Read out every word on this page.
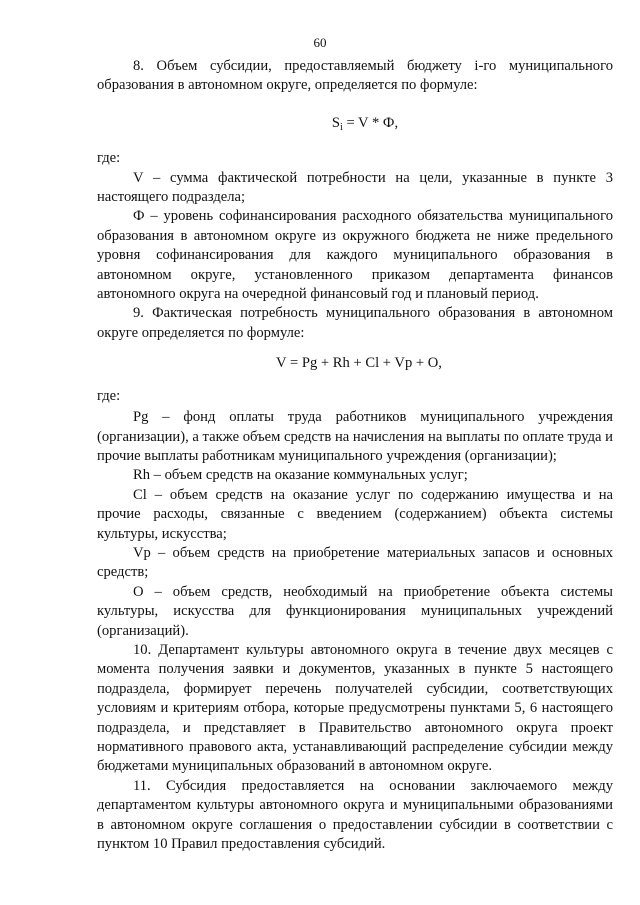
60

8. Объем субсидии, предоставляемый бюджету i-го муниципального образования в автономном округе, определяется по формуле:

$S_i = V * Ф$,

где:

V – сумма фактической потребности на цели, указанные в пункте 3 настоящего подраздела;

Ф – уровень софинансирования расходного обязательства муниципального образования в автономном округе из окружного бюджета не ниже предельного уровня софинансирования для каждого муниципального образования в автономном округе, установленного приказом департамента финансов автономного округа на очередной финансовый год и плановый период.

9. Фактическая потребность муниципального образования в автономном округе определяется по формуле:

V = Pg + Rh + Cl + Vp + O,

где:

Pg – фонд оплаты труда работников муниципального учреждения (организации), а также объем средств на начисления на выплаты по оплате труда и прочие выплаты работникам муниципального учреждения (организации);

Rh – объем средств на оказание коммунальных услуг;

Cl – объем средств на оказание услуг по содержанию имущества и на прочие расходы, связанные с введением (содержанием) объекта системы культуры, искусства;

Vp – объем средств на приобретение материальных запасов и основных средств;

O – объем средств, необходимый на приобретение объекта системы культуры, искусства для функционирования муниципальных учреждений (организаций).

10. Департамент культуры автономного округа в течение двух месяцев с момента получения заявки и документов, указанных в пункте 5 настоящего подраздела, формирует перечень получателей субсидии, соответствующих условиям и критериям отбора, которые предусмотрены пунктами 5, 6 настоящего подраздела, и представляет в Правительство автономного округа проект нормативного правового акта, устанавливающий распределение субсидии между бюджетами муниципальных образований в автономном округе.

11. Субсидия предоставляется на основании заключаемого между департаментом культуры автономного округа и муниципальными образованиями в автономном округе соглашения о предоставлении субсидии в соответствии с пунктом 10 Правил предоставления субсидий.
